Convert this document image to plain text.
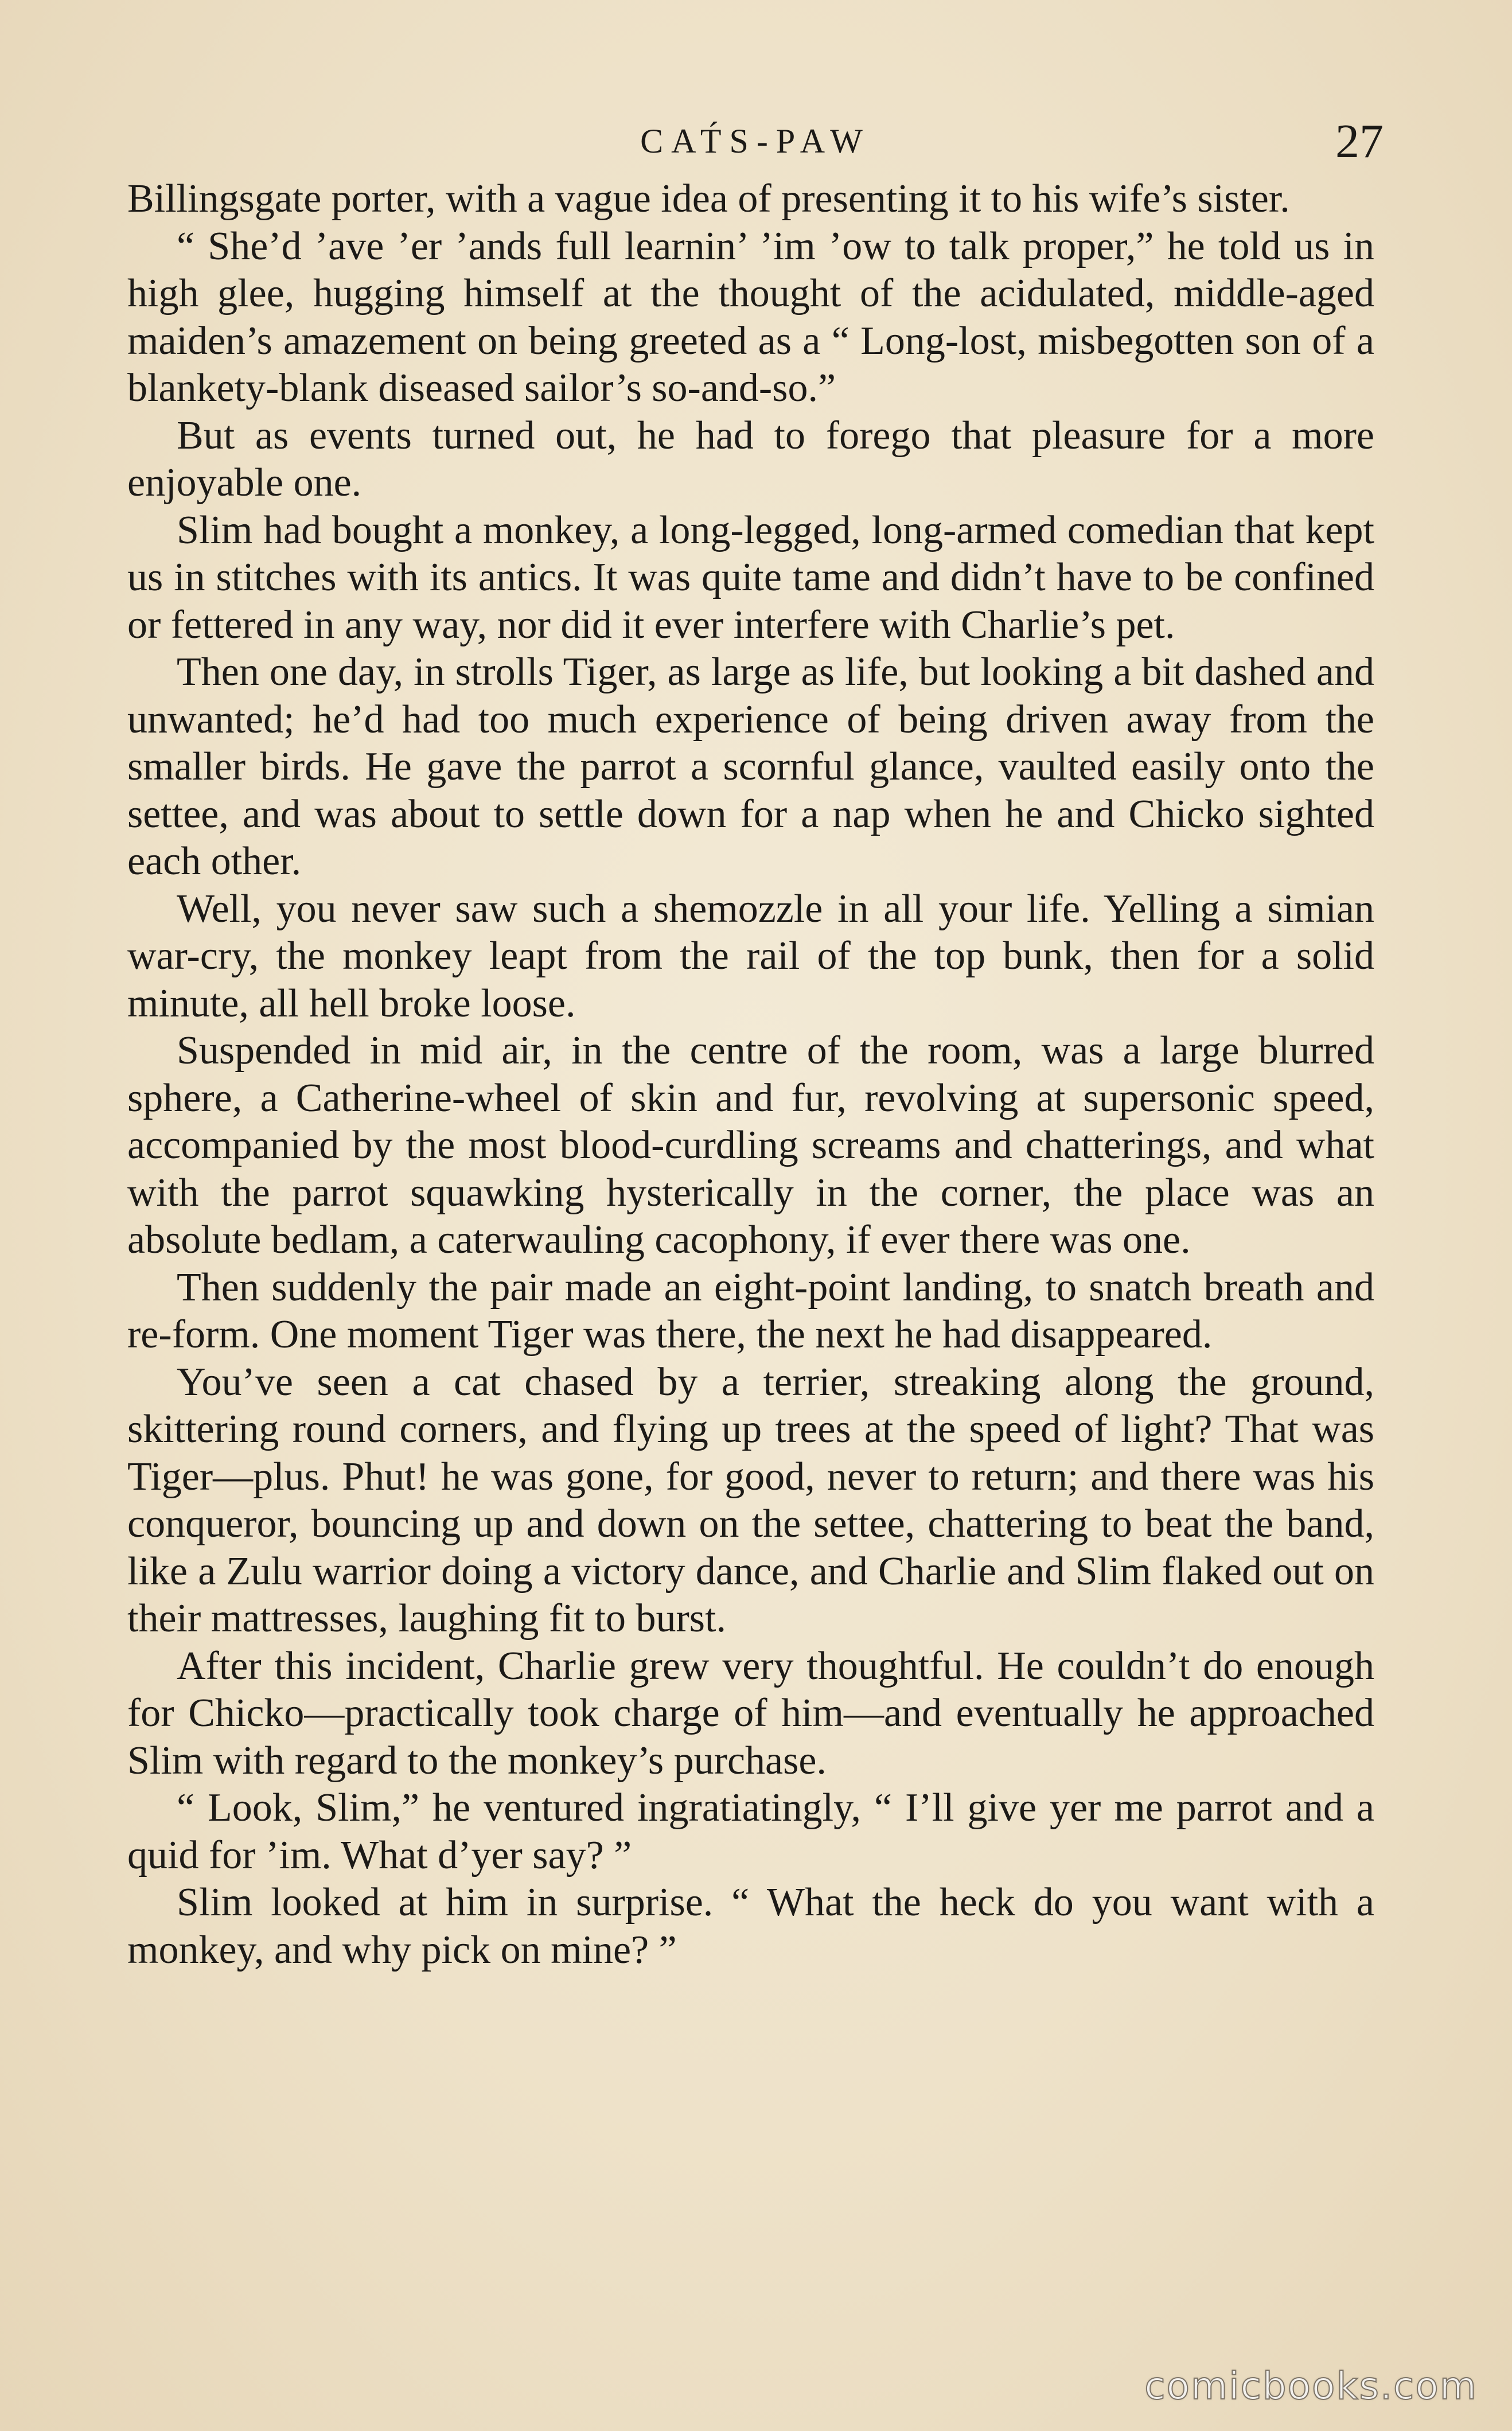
CAT́S-PAW	27

Billingsgate porter, with a vague idea of presenting it to his wife’s sister.

“ She’d ’ave ’er ’ands full learnin’ ’im ’ow to talk proper,” he told us in high glee, hugging himself at the thought of the acidulated, middle-aged maiden’s amazement on being greeted as a “ Long-lost, misbegotten son of a blankety-blank diseased sailor’s so-and-so.”

But as events turned out, he had to forego that pleasure for a more enjoyable one.

Slim had bought a monkey, a long-legged, long-armed comedian that kept us in stitches with its antics. It was quite tame and didn’t have to be confined or fettered in any way, nor did it ever interfere with Charlie’s pet.

Then one day, in strolls Tiger, as large as life, but looking a bit dashed and unwanted; he’d had too much experience of being driven away from the smaller birds. He gave the parrot a scornful glance, vaulted easily onto the settee, and was about to settle down for a nap when he and Chicko sighted each other.

Well, you never saw such a shemozzle in all your life. Yelling a simian war-cry, the monkey leapt from the rail of the top bunk, then for a solid minute, all hell broke loose.

Suspended in mid air, in the centre of the room, was a large blurred sphere, a Catherine-wheel of skin and fur, revolving at supersonic speed, accompanied by the most blood-curdling screams and chatterings, and what with the parrot squawking hysterically in the corner, the place was an absolute bedlam, a caterwauling cacophony, if ever there was one.

Then suddenly the pair made an eight-point landing, to snatch breath and re-form. One moment Tiger was there, the next he had disappeared.

You’ve seen a cat chased by a terrier, streaking along the ground, skittering round corners, and flying up trees at the speed of light? That was Tiger—plus. Phut! he was gone, for good, never to return; and there was his conqueror, bouncing up and down on the settee, chattering to beat the band, like a Zulu warrior doing a victory dance, and Charlie and Slim flaked out on their mattresses, laughing fit to burst.

After this incident, Charlie grew very thoughtful. He couldn’t do enough for Chicko—practically took charge of him—and eventually he approached Slim with regard to the monkey’s purchase.

“ Look, Slim,” he ventured ingratiatingly, “ I’ll give yer me parrot and a quid for ’im. What d’yer say? ”

Slim looked at him in surprise. “ What the heck do you want with a monkey, and why pick on mine? ”

comicbooks.com
